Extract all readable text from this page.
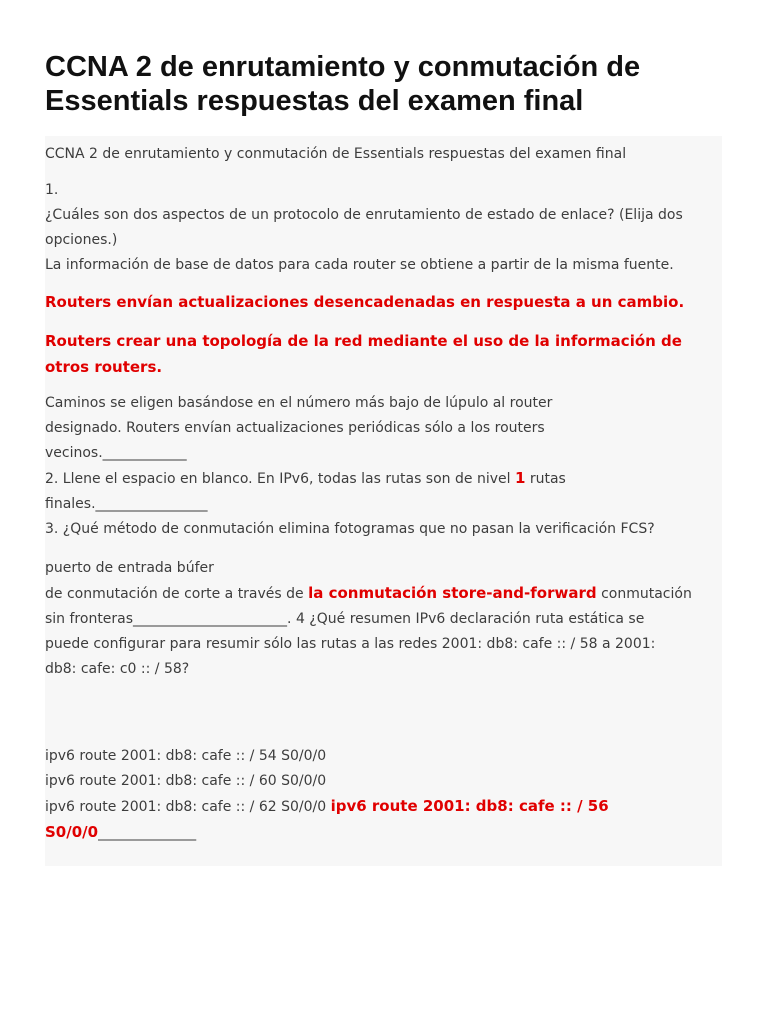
CCNA 2 de enrutamiento y conmutación de Essentials respuestas del examen final
CCNA 2 de enrutamiento y conmutación de Essentials respuestas del examen final
1.
¿Cuáles son dos aspectos de un protocolo de enrutamiento de estado de enlace? (Elija dos opciones.)
La información de base de datos para cada router se obtiene a partir de la misma fuente.
Routers envían actualizaciones desencadenadas en respuesta a un cambio.
Routers crear una topología de la red mediante el uso de la información de otros routers.
Caminos se eligen basándose en el número más bajo de lúpulo al router
designado. Routers envían actualizaciones periódicas sólo a los routers
vecinos.____________
2. Llene el espacio en blanco. En IPv6, todas las rutas son de nivel 1 rutas
finales.________________
3. ¿Qué método de conmutación elimina fotogramas que no pasan la verificación FCS?
puerto de entrada búfer
de conmutación de corte a través de la conmutación store-and-forward conmutación
sin fronteras______________________. 4 ¿Qué resumen IPv6 declaración ruta estática se
puede configurar para resumir sólo las rutas a las redes 2001: db8: cafe :: / 58 a 2001:
db8: cafe: c0 :: / 58?
ipv6 route 2001: db8: cafe :: / 54 S0/0/0
ipv6 route 2001: db8: cafe :: / 60 S0/0/0
ipv6 route 2001: db8: cafe :: / 62 S0/0/0 ipv6 route 2001: db8: cafe :: / 56
S0/0/0______________
